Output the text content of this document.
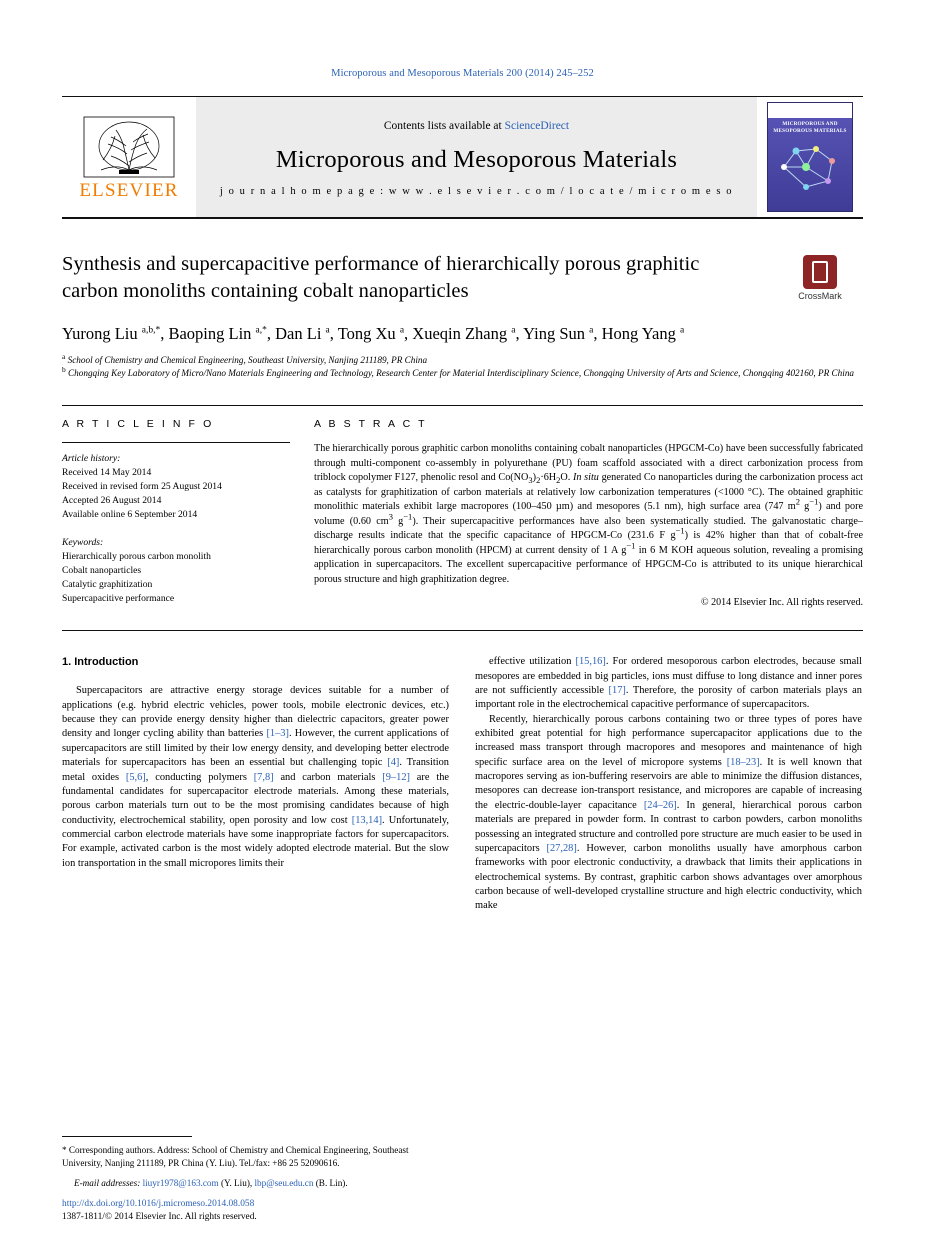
Microporous and Mesoporous Materials 200 (2014) 245–252
ELSEVIER
Contents lists available at ScienceDirect
Microporous and Mesoporous Materials
j o u r n a l h o m e p a g e : w w w . e l s e v i e r . c o m / l o c a t e / m i c r o m e s o
MICROPOROUS AND MESOPOROUS MATERIALS
Synthesis and supercapacitive performance of hierarchically porous graphitic carbon monoliths containing cobalt nanoparticles	CrossMark
Yurong Liu $^{a,b,*}$, Baoping Lin $^{a,*}$, Dan Li $^a$, Tong Xu $^a$, Xueqin Zhang $^a$, Ying Sun $^a$, Hong Yang $^a$
$^a$ School of Chemistry and Chemical Engineering, Southeast University, Nanjing 211189, PR China
$^b$ Chongqing Key Laboratory of Micro/Nano Materials Engineering and Technology, Research Center for Material Interdisciplinary Science, Chongqing University of Arts and Science, Chongqing 402160, PR China
A R T I C L E I N F O
Article history:
Received 14 May 2014
Received in revised form 25 August 2014
Accepted 26 August 2014
Available online 6 September 2014
Keywords:
Hierarchically porous carbon monolith
Cobalt nanoparticles
Catalytic graphitization
Supercapacitive performance
A B S T R A C T
The hierarchically porous graphitic carbon monoliths containing cobalt nanoparticles (HPGCM-Co) have been successfully fabricated through multi-component co-assembly in polyurethane (PU) foam scaffold associated with a direct carbonization process from triblock copolymer F127, phenolic resol and $Co(NO_3)_2\cdot 6H_2O$. In situ generated Co nanoparticles during the carbonization process act as catalysts for graphitization of carbon materials at relatively low carbonization temperatures (<1000 °C). The obtained graphitic monolithic materials exhibit large macropores (100–450 µm) and mesopores (5.1 nm), high surface area (747 $m^2$ $g^{-1}$) and pore volume (0.60 $cm^3$ $g^{-1}$). Their supercapacitive performances have also been systematically studied. The galvanostatic charge–discharge results indicate that the specific capacitance of HPGCM-Co (231.6 F $g^{-1}$) is 42% higher than that of cobalt-free hierarchically porous carbon monolith (HPCM) at current density of 1 A $g^{-1}$ in 6 M KOH aqueous solution, revealing a promising application in supercapacitors. The excellent supercapacitive performance of HPGCM-Co is attributed to its unique hierarchical porous structure and high graphitization degree.
© 2014 Elsevier Inc. All rights reserved.
1. Introduction

Supercapacitors are attractive energy storage devices suitable for a number of applications (e.g. hybrid electric vehicles, power tools, mobile electronic devices, etc.) because they can provide energy density higher than dielectric capacitors, greater power density and longer cycling ability than batteries [1–3]. However, the current applications of supercapacitors are still limited by their low energy density, and developing better electrode materials for supercapacitors has been an essential but challenging topic [4]. Transition metal oxides [5,6], conducting polymers [7,8] and carbon materials [9–12] are the fundamental candidates for supercapacitor electrode materials. Among these materials, porous carbon materials turn out to be the most promising candidates because of high conductivity, electrochemical stability, open porosity and low cost [13,14]. Unfortunately, commercial carbon electrode materials have some inappropriate factors for supercapacitors. For example, activated carbon is the most widely adopted electrode material. But the slow ion transportation in the small micropores limits their

effective utilization [15,16]. For ordered mesoporous carbon electrodes, because small mesopores are embedded in big particles, ions must diffuse to long distance and inner pores are not sufficiently accessible [17]. Therefore, the porosity of carbon materials plays an important role in the electrochemical capacitive performance of supercapacitors.

Recently, hierarchically porous carbons containing two or three types of pores have exhibited great potential for high performance supercapacitor applications due to the increased mass transport through macropores and mesopores and maintenance of high specific surface area on the level of micropore systems [18–23]. It is well known that macropores serving as ion-buffering reservoirs are able to minimize the diffusion distances, mesopores can decrease ion-transport resistance, and micropores are capable of increasing the electric-double-layer capacitance [24–26]. In general, hierarchical porous carbon materials are prepared in powder form. In contrast to carbon powders, carbon monoliths possessing an integrated structure and controlled pore structure are much easier to be used in supercapacitors [27,28]. However, carbon monoliths usually have amorphous carbon frameworks with poor electronic conductivity, a drawback that limits their applications in electrochemical systems. By contrast, graphitic carbon shows advantages over amorphous carbon because of well-developed crystalline structure and high electric conductivity, which make

* Corresponding authors. Address: School of Chemistry and Chemical Engineering, Southeast University, Nanjing 211189, PR China (Y. Liu). Tel./fax: +86 25 52090616.
E-mail addresses: liuyr1978@163.com (Y. Liu), lbp@seu.edu.cn (B. Lin).
http://dx.doi.org/10.1016/j.micromeso.2014.08.058
1387-1811/© 2014 Elsevier Inc. All rights reserved.
